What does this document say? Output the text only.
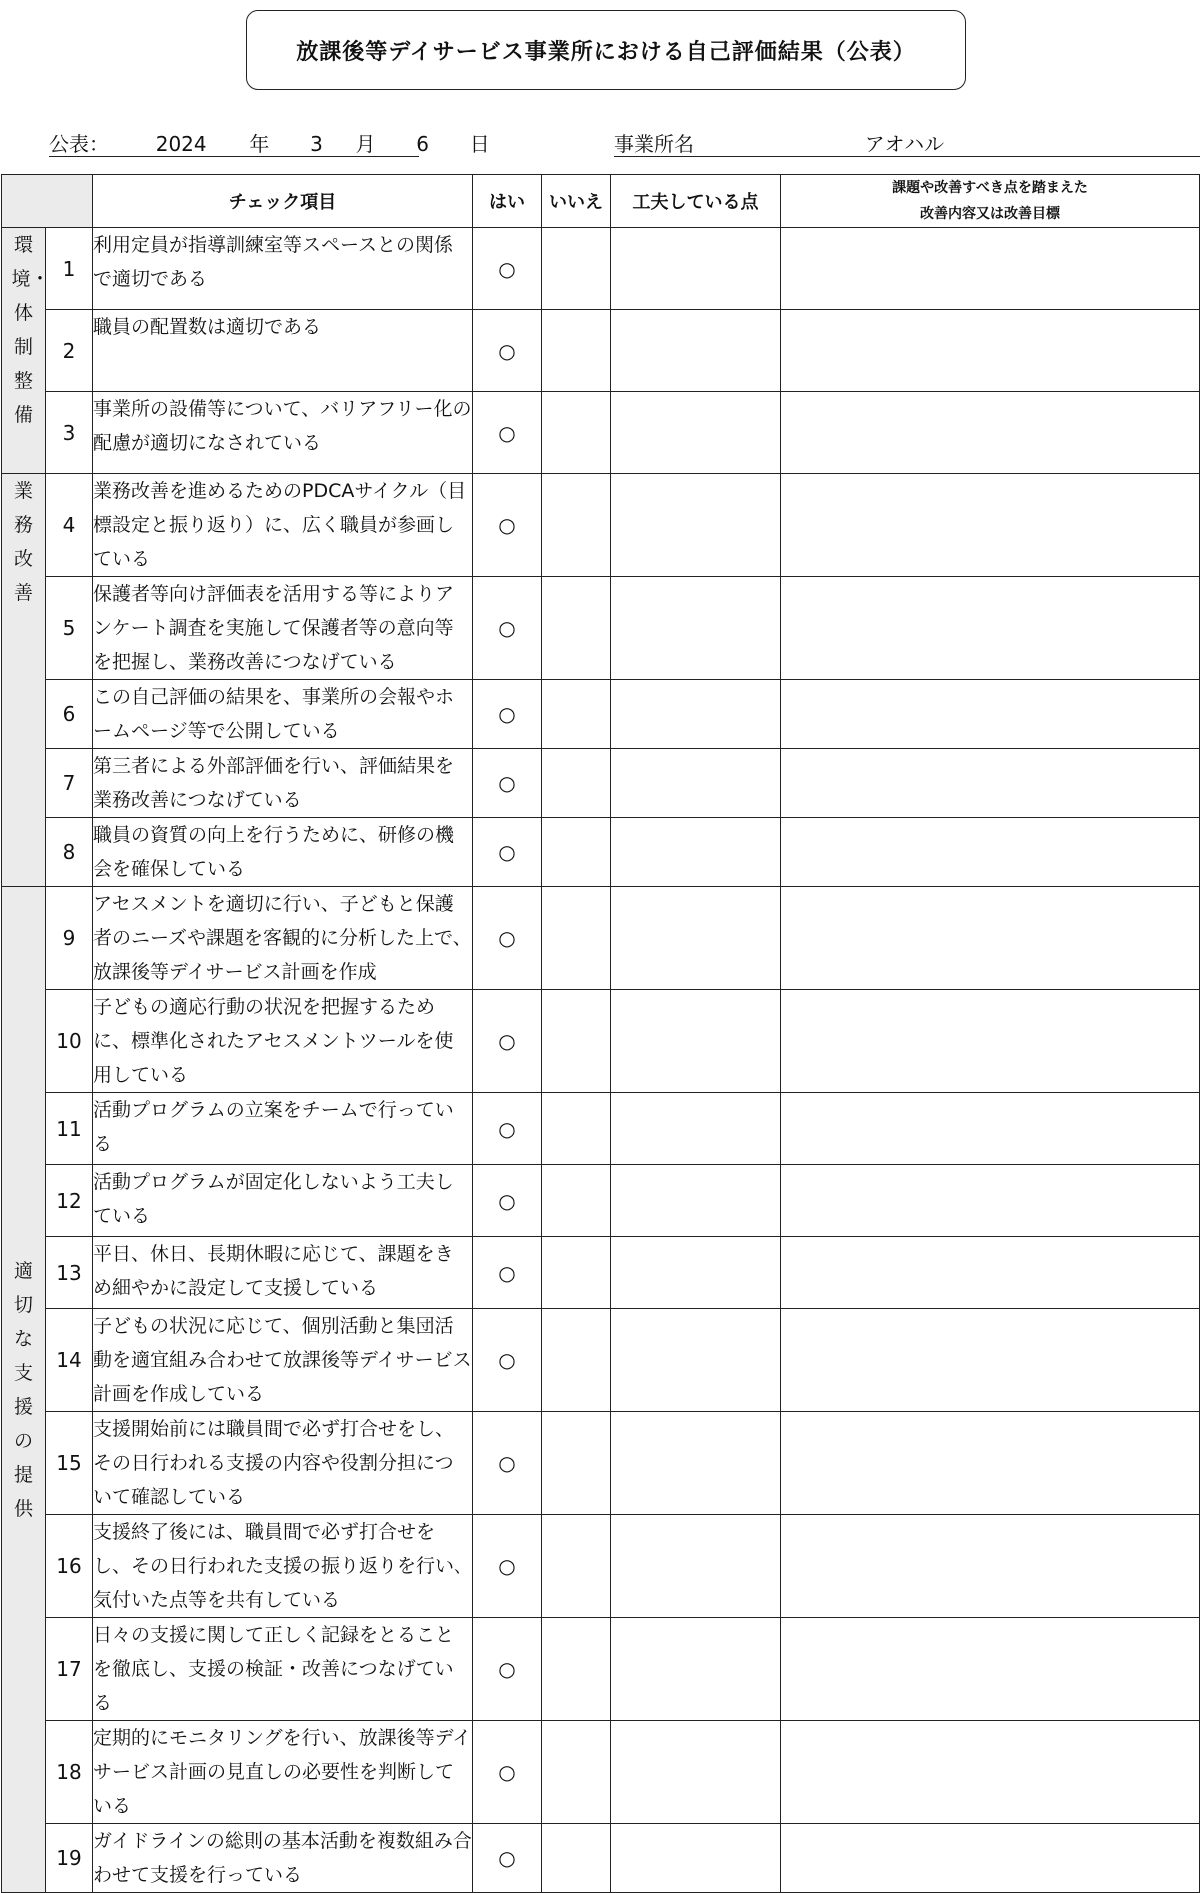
放課後等デイサービス事業所における自己評価結果（公表）
公表： 2024 年 3 月 6 日	事業所名	アオハル
		チェック項目	はい	いいえ	工夫している点	課題や改善すべき点を踏まえた
改善内容又は改善目標

環境・体制整備	1	利用定員が指導訓練室等スペースとの関係で適切である	○			
	2	職員の配置数は適切である	○			
	3	事業所の設備等について、バリアフリー化の配慮が適切になされている	○			
業務改善	4	業務改善を進めるためのPDCAサイクル（目標設定と振り返り）に、広く職員が参画している	○			
	5	保護者等向け評価表を活用する等によりアンケート調査を実施して保護者等の意向等を把握し、業務改善につなげている	○			
	6	この自己評価の結果を、事業所の会報やホームページ等で公開している	○			
	7	第三者による外部評価を行い、評価結果を業務改善につなげている	○			
	8	職員の資質の向上を行うために、研修の機会を確保している	○			
適切な支援の提供	9	アセスメントを適切に行い、子どもと保護者のニーズや課題を客観的に分析した上で、放課後等デイサービス計画を作成	○			
	10	子どもの適応行動の状況を把握するために、標準化されたアセスメントツールを使用している	○			
	11	活動プログラムの立案をチームで行っている	○			
	12	活動プログラムが固定化しないよう工夫している	○			
	13	平日、休日、長期休暇に応じて、課題をきめ細やかに設定して支援している	○			
	14	子どもの状況に応じて、個別活動と集団活動を適宜組み合わせて放課後等デイサービス計画を作成している	○			
	15	支援開始前には職員間で必ず打合せをし、その日行われる支援の内容や役割分担について確認している	○			
	16	支援終了後には、職員間で必ず打合せをし、その日行われた支援の振り返りを行い､気付いた点等を共有している	○			
	17	日々の支援に関して正しく記録をとることを徹底し、支援の検証・改善につなげている	○			
	18	定期的にモニタリングを行い、放課後等デイサービス計画の見直しの必要性を判断している	○			
	19	ガイドラインの総則の基本活動を複数組み合わせて支援を行っている	○			
